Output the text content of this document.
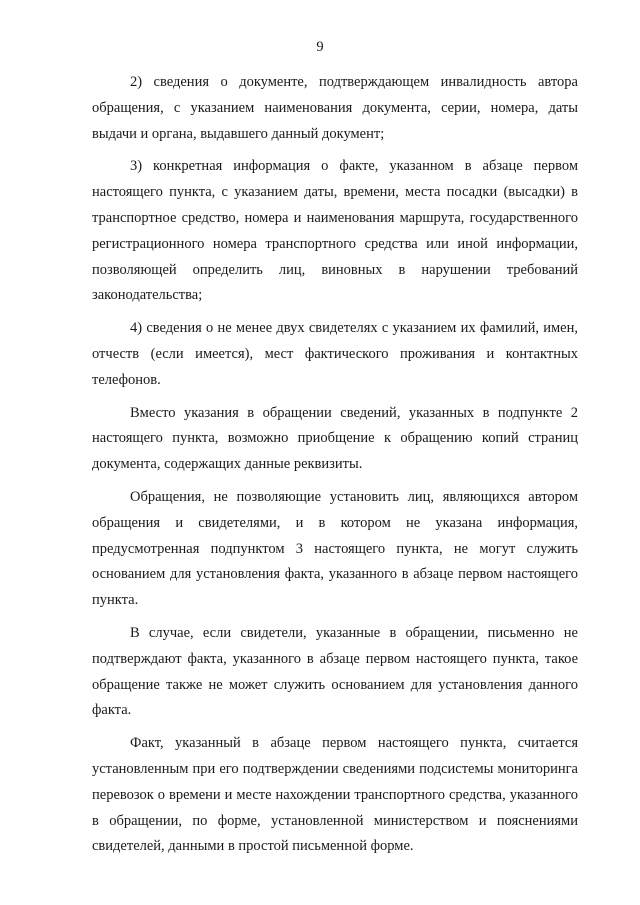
9

2) сведения о документе, подтверждающем инвалидность автора обращения, с указанием наименования документа, серии, номера, даты выдачи и органа, выдавшего данный документ;

3) конкретная информация о факте, указанном в абзаце первом настоящего пункта, с указанием даты, времени, места посадки (высадки) в транспортное средство, номера и наименования маршрута, государственного регистрационного номера транспортного средства или иной информации, позволяющей определить лиц, виновных в нарушении требований законодательства;

4) сведения о не менее двух свидетелях с указанием их фамилий, имен, отчеств (если имеется), мест фактического проживания и контактных телефонов.

Вместо указания в обращении сведений, указанных в подпункте 2 настоящего пункта, возможно приобщение к обращению копий страниц документа, содержащих данные реквизиты.

Обращения, не позволяющие установить лиц, являющихся автором обращения и свидетелями, и в котором не указана информация, предусмотренная подпунктом 3 настоящего пункта, не могут служить основанием для установления факта, указанного в абзаце первом настоящего пункта.

В случае, если свидетели, указанные в обращении, письменно не подтверждают факта, указанного в абзаце первом настоящего пункта, такое обращение также не может служить основанием для установления данного факта.

Факт, указанный в абзаце первом настоящего пункта, считается установленным при его подтверждении сведениями подсистемы мониторинга перевозок о времени и месте нахождении транспортного средства, указанного в обращении, по форме, установленной министерством и пояснениями свидетелей, данными в простой письменной форме.
